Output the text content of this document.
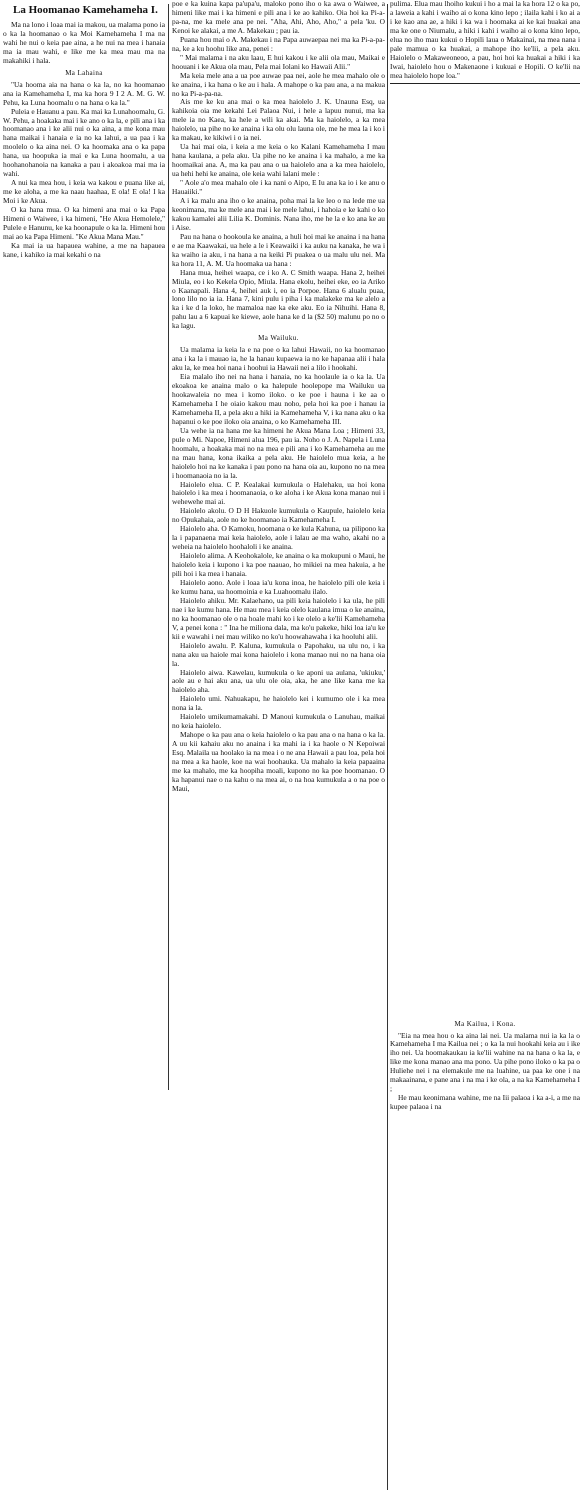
La Hoomanao Kamehameha I.

Ma na lono i loaa mai ia makou, ua malama pono ia o ka la hoomanao o ka Moi Kamehameha I ma na wahi he nui o keia pae aina, a he nui na mea i hanaia ma ia mau wahi, e like me ka mea mau ma na makahiki i hala.

Ma Lahaina

"Ua hooma aia na hana o ka la, no ka hoomanao ana ia Kamehameha I, ma ka hora 9 I 2 A. M. G. W. Pehu, ka Luna hoomalu o na hana o ka la."

Puleia e Hauanu a pau. Ka mai ka Lunahoomalu, G. W. Pehu, a hoakaka mai i ke ano o ka la, e pili ana i ka hoomanao ana i ke alii nui o ka aina, a me kona mau hana maikai i hanaia e ia no ka lahui, a ua paa i ka moolelo o ka aina nei. O ka hoomaka ana o ka papa hana, ua hoopuka ia mai e ka Luna hoomalu, a ua hoohanohanoia na kanaka a pau i akoakoa mai ma ia wahi.

A nui ka mea hou, i keia wa kakou e puana like ai, me ke aloha, a me ka naau haahaa, E ola! E ola! I ka Moi i ke Akua.

O ka hana mua. O ka himeni ana mai o ka Papa Himeni o Waiwee, i ka himeni, "He Akua Hemolele," Pulele e Hanunu, ke ka hoonapule o ka la. Himeni hou mai ao ka Papa Himeni. "Ke Akua Mana Mau."

Ka mai ia ua hapauea wahine, a me na hapauea kane, i kahiko ia mai kekahi o na

poe e ka kuina kapa pa'upa'u, maloko pono iho o ka awa o Waiwee, a himeni like mai i ka himeni e pili ana i ke ao kahiko. Oia hoi ka Pi-a-pa-na, me ka mele ana pe nei. "Aha, Ahi, Aho, Aho," a pela 'ku. O Kenoi ke alakai, a me A. Makekau ; pau ia.

Puana hou mai o A. Makekau i na Papa auwaepaa nei ma ka Pi-a-pa-na, ke a ku hoohu like ana, penei :

" Mai malama i na aku laau, E hui kakou i ke alii ola mau, Maikai e hoouani i ke Akua ola mau, Pela mai Iolani ko Hawaii Alii."

Ma keia mele ana a ua poe auwae paa nei, aole he mea mahalo ole o ke anaina, i ka hana o ke au i hala. A mahope o ka pau ana, a na makua no ka Pi-a-pa-na.

Ais me ke ku ana mai o ka mea haiolelo J. K. Unauna Esq, ua kahikoia oia me kekahi Lei Palaoa Nui, i hele a lapuu nunui, ma ka mele ia no Kaea, ka hele a wili ka akai. Ma ka haiolelo, a ka mea haiolelo, ua pihe no ke anaina i ka olu olu launa ole, me he mea la i ko i ka makau, ke kikiwi i o ia nei.

Ua hai mai oia, i keia a me keia o ko Kalani Kamehameha I mau hana kaulana, a pela aku. Ua pihe no ke anaina i ka mahalo, a me ka hoomaikai ana. A, ma ka pau ana o ua haiolelo ana a ka mea haiolelo, ua hehi hehi ke anaina, ole keia wahi lalani mele :

" Aole a'o mea mahalo ole i ka nani o Aipo, E Iu ana ka io i ke anu o Hauaiiki."

A i ka malu ana iho o ke anaina, poha mai la ke leo o na lede me ua keonimana, ma ke mele ana mai i ke mele lahui, i hahoia e ke kahi o ko kakou kamalei alii Lilia K. Dominis. Nana iho, me he la e ko ana ke au i Aise.

Pau na hana o hookoula ke anaina, a huli hoi mai ke anaina i na hana e ae ma Kaawakai, ua hele a le i Keawaiki i ka auku na kanaka, he wa i ka waiho ia aku, i na hana a na keiki Pi puakea o ua malu ulu nei. Ma ka hora 11, A. M. Ua hoomaka ua hana :

Hana mua, heihei waapa, ce i ko A. C Smith waapa. Hana 2, heihei Miula, eo i ko Kekela Opio, Miula. Hana ekolu, heihei eke, eo ia Ariko o Kaanapali. Hana 4, heihei auk i, eo ia Porpoe. Hana 6 alualu puaa, lono lilo no ia ia. Hana 7, kini pulu i piha i ka malakeke ma ke alelo a ka i ke d la loko, he mamaloa nae ka eke aku. Eo ia Nihuihi. Hana 8, pahu lau a 6 kapuai ke kiewe, aole hana ke d la ($2 50) malunu po no o ka lagu.

Ma Wailuku.

Ua malama ia keia la e na poe o ka lahui Hawaii, no ka hoomanao ana i ka la i mauao ia, he la hanau kupaewa ia no ke hapanaa alii i hala aku la, ke mea hoi nana i hoohui ia Hawaii nei a lilo i hookahi.

Eia malalo iho nei na hana i hanaia, no ka hoolaule ia o ka la. Ua ekoakoa ke anaina malo o ka halepule hoolepope ma Wailuku ua hookawaleia no mea i komo iloko. o ke poe i hauna i ke aa o Kamehameha I he oiaio kakou mau noho, pela hoi ka poe i hanau ia Kamehameha II, a pela aku a hiki ia Kamehameha V, i ka nana aku o ka hapanui o ke poe iloko oia anaina, o ko Kamehameha III.

Ua wehe ia na hana me ka himeni he Akua Mana Loa ; Himeni 33, pule o Mi. Napoe, Himeni alua 196, pau ia. Noho o J. A. Napela i Luna hoomalu, a hoakaka mai no na mea e pili ana i ko Kamehameha au me na mau hana, kona ikaika a pela aku. He haiolelo mua keia, a he haiolelo hoi na ke kanaka i pau pono na hana oia au, kupono no na mea i hoomanaoia no ia la.

Haiolelo elua. C P. Kealakai kumukula o Halehaku, ua hoi kona haiolelo i ka mea i hoomanaoia, o ke aloha i ke Akua kona manao nui i wehewehe mai ai.

Haiolelo akolu. O D H Hakuole kumukula o Kaupule, haiolelo keia no Opukahaia, aole no ke hoomanao ia Kamehameha I.

Haiolelo aha. O Kamoku, hoomana o ke kula Kahuna, ua pilipono ka la i papanaena mai keia haiolelo, aole i lalau ae ma waho, akahi no a weheia na haiolelo hoohaloli i ke anaina.

Haiolelo alima. A Keohokalole, ke anaina o ka mokupuni o Maui, he haiolelo keia i kupono i ka poe naauao, ho mikiei na mea hakuia, a he pili hoi i ka mea i hanaia.

Haiolelo aono. Aole i loaa ia'u kona inoa, he haiolelo pili ole keia i ke kumu hana, ua hoomoinia e ka Luahoomalu ilalo.

Haiolelo ahiku. Mr. Kalaehano, ua pili keia haiolelo i ka ula, he pili nae i ke kumu hana. He mau mea i keia olelo kaulana imua o ke anaina, no ka hoomanao ole o na hoale mahi ko i ke olelo a ke'lii Kamehameha V, a penei kona : " Ina he miliona dala, ma ko'u pakeke, hiki loa ia'u ke kii e wawahi i nei mau wiliko no ko'u hoowahawaha i ka hooluhi alii.

Haiolelo awalu. P. Kaluna, kumukula o Papohaku, ua ulu no, i ka nana aku ua haiole mai kona haiolelo i kona manao nui no na hana oia la.

Haiolelo aiwa. Kawelau, kumukula o ke aponi ua aulana, 'ukiuku,' aole au e hai aku ana, ua ulu ole oia, aka, he ane like kana me ka haiolelo aha.

Haiolelo umi. Nahuakapu, he haiolelo kei i kumumo ole i ka mea nona ia la.

Haiolelo umikumamakahi. D Manoui kumukula o Lanuhau, maikai no keia haiolelo.

Mahope o ka pau ana o keia haiolelo o ka pau ana o na hana o ka la. A uu kii kahaiu aku no anaina i ka mahi ia i ka haole o N Kepoiwai Esq. Malaila ua hoolako ia na mea i o ne ana Hawaii a pau loa, pela hoi na mea a ka haole, koe na wai hoohauka. Ua mahalo ia keia papaaina me ka mahalo, me ka hoopiha moali, kupono no ka poe hoomanao. O ka hapanui nae o na kahu o na mea ai, o na hoa kumukula a o na poe o Maui,

pulima. Elua mau lhoiho kukui i ho a mai la ka hora 12 o ka po, a laweia a kahi i waiho ai o kona kino lepo ; ilaila kahi i ko ai a i ke kao ana ae, a hiki i ka wa i hoomaka ai ke kai huakai ana ma ke one o Niumalu, a hiki i kahi i waiho ai o kona kino lepo, elua no iho mau kukui o Hopili laua o Makainai, na mea nana i pale mamua o ka huakai, a mahope iho ke'lii, a pela aku. Haiolelo o Makaweoneoo, a pau, hoi hoi ka huakai a hiki i ka Iwai, haiolelo hou o Makenaone i kukuai e Hopili. O ke'lii na mea haiolelo hope loa."

Ma Kailua, i Kona.

"Eia na mea hou o ka aina lai nei. Ua malama nui ia ka la o Kamehameha I ma Kailua nei ; o ka la nui hookahi keia au i ike iho nei. Ua hoomakaukau ia ke'lii wahine na na hana o ka la, e like me kona manao ana ma pono. Ua pihe pono iloko o ka pa o Huliehe nei i na elemakule me na luahine, ua paa ke one i na makaainana, e pane ana i na ma i ke ola, a na ka Kamehameha I ;

He mau keonimana wahine, me na Iii palaoa i ka a-i, a me na kupee palaoa i na
